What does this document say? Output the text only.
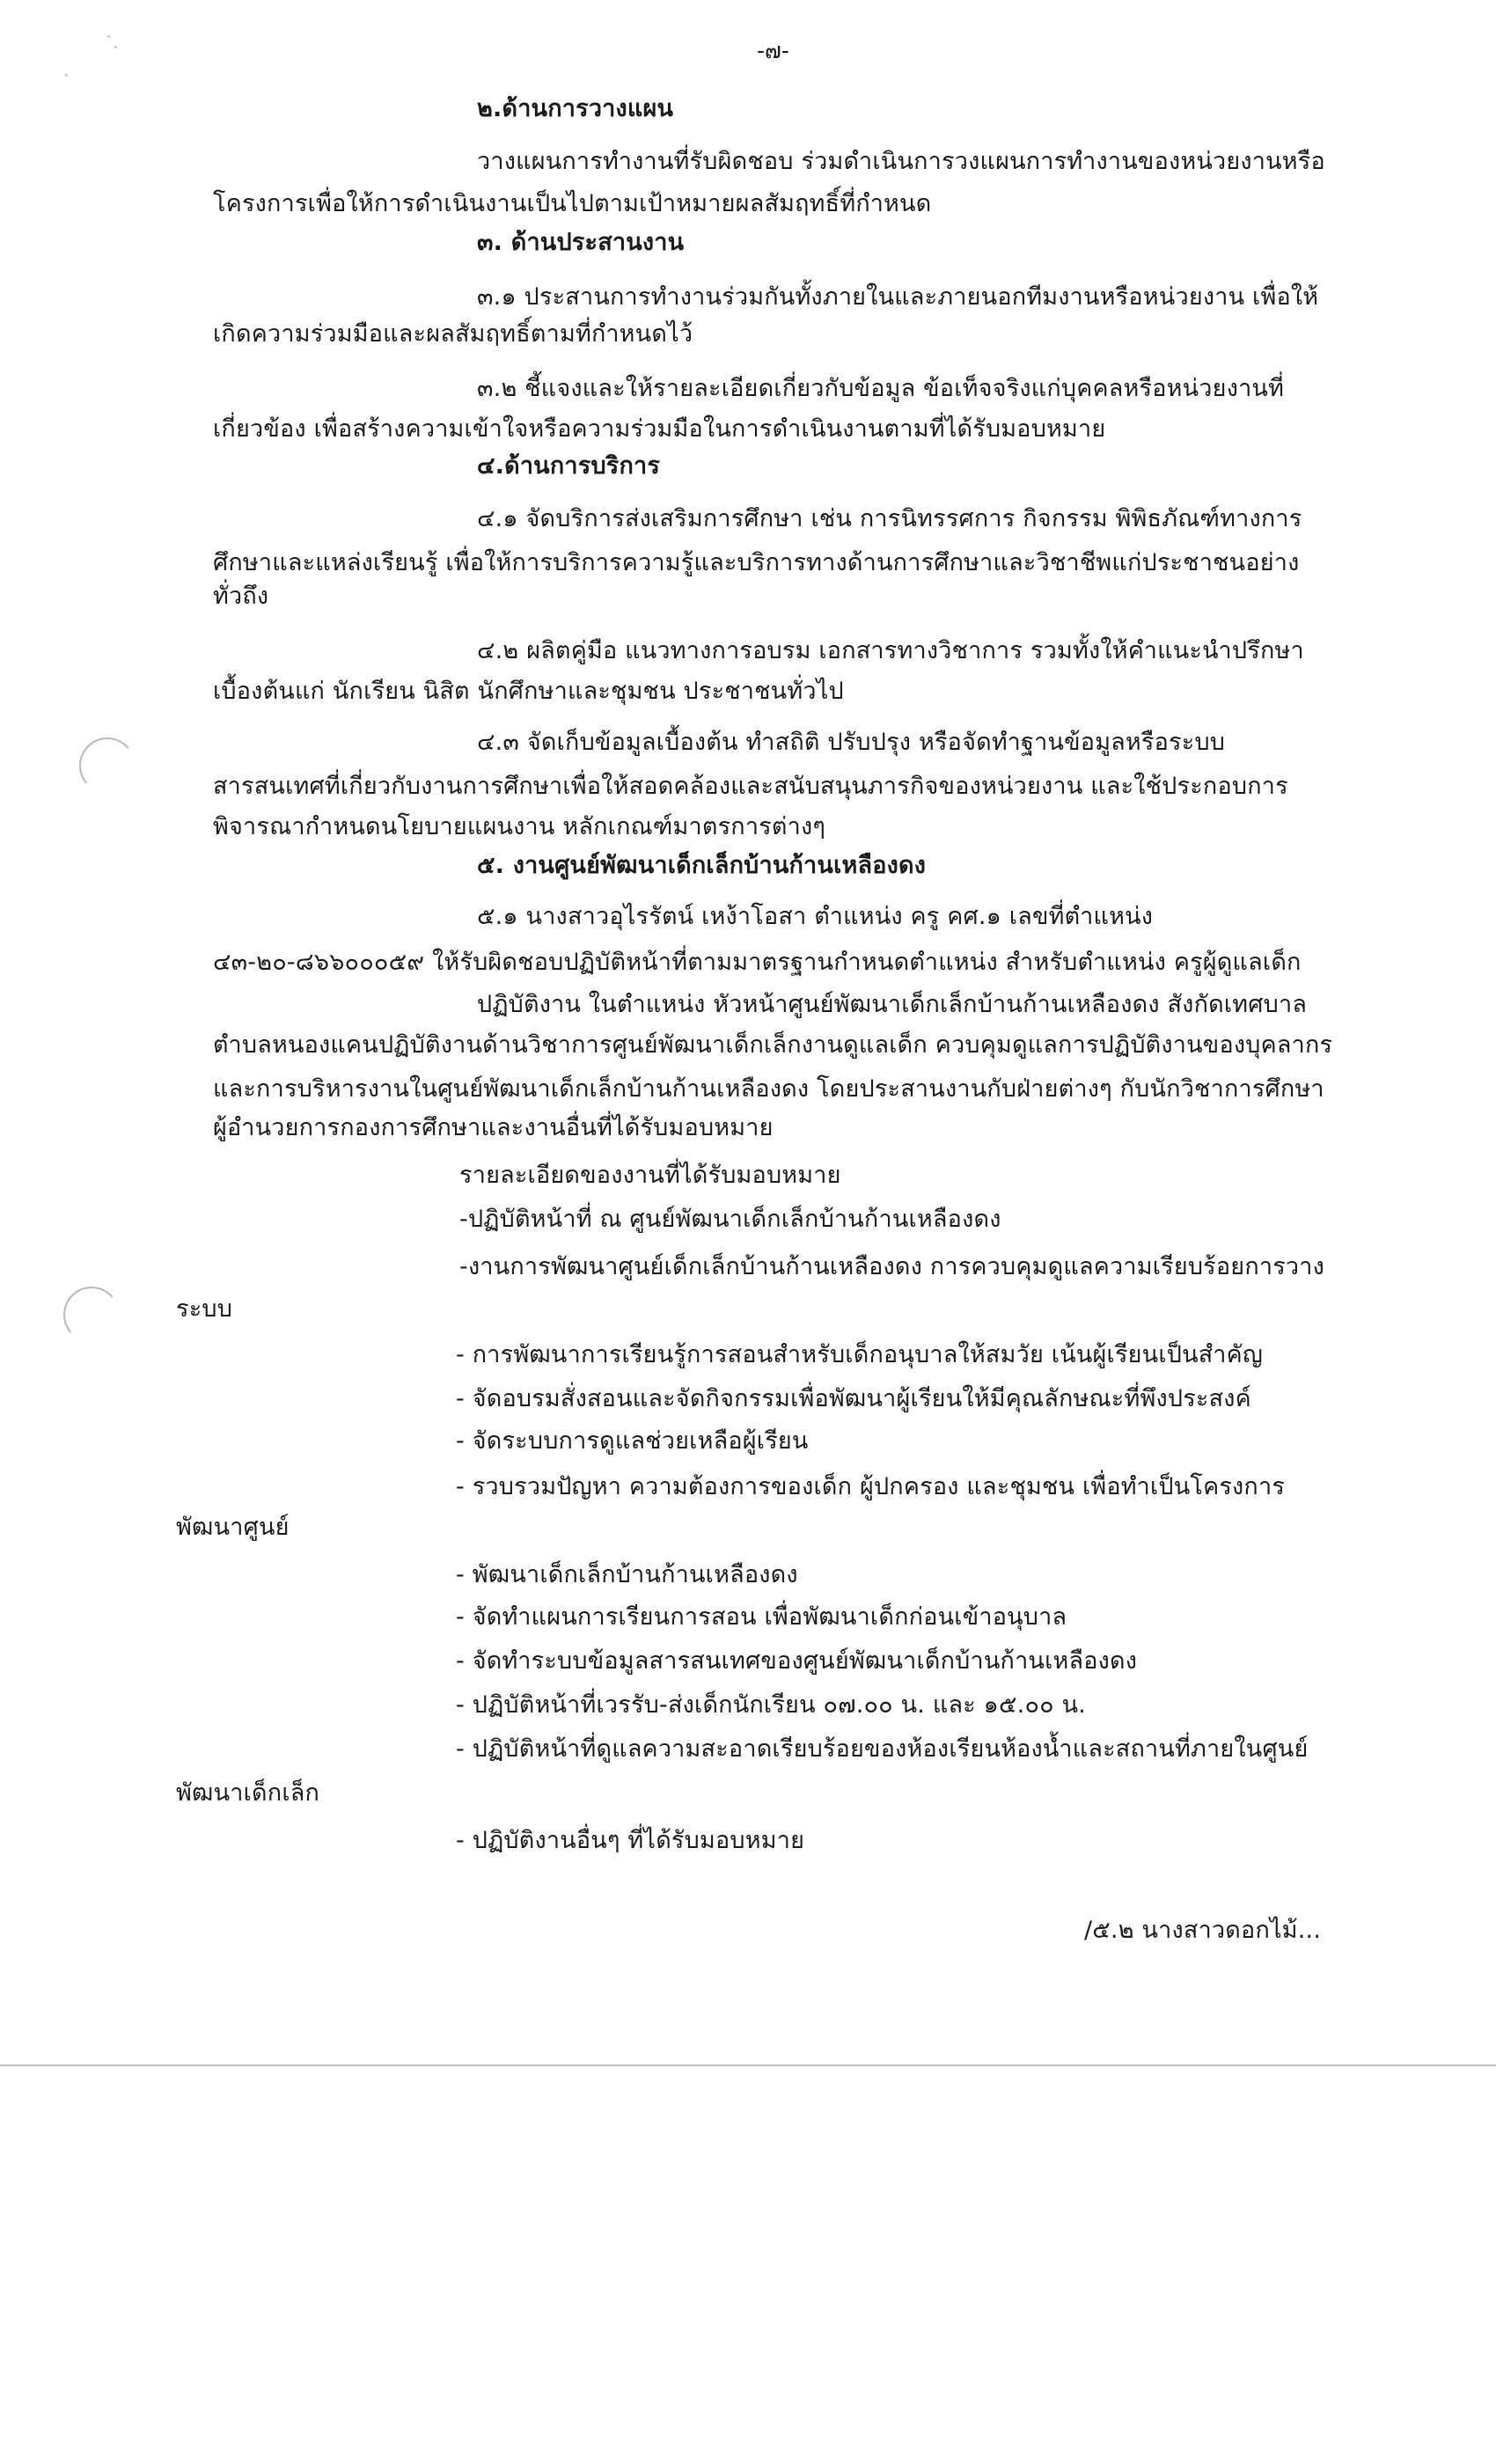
-๗-
๒.ด้านการวางแผน
วางแผนการทำงานที่รับผิดชอบ ร่วมดำเนินการวงแผนการทำงานของหน่วยงานหรือ
โครงการเพื่อให้การดำเนินงานเป็นไปตามเป้าหมายผลสัมฤทธิ์ที่กำหนด
๓. ด้านประสานงาน
๓.๑ ประสานการทำงานร่วมกันทั้งภายในและภายนอกทีมงานหรือหน่วยงาน เพื่อให้
เกิดความร่วมมือและผลสัมฤทธิ์ตามที่กำหนดไว้
๓.๒ ชี้แจงและให้รายละเอียดเกี่ยวกับข้อมูล ข้อเท็จจริงแก่บุคคลหรือหน่วยงานที่
เกี่ยวข้อง เพื่อสร้างความเข้าใจหรือความร่วมมือในการดำเนินงานตามที่ได้รับมอบหมาย
๔.ด้านการบริการ
๔.๑ จัดบริการส่งเสริมการศึกษา เช่น การนิทรรศการ กิจกรรม พิพิธภัณฑ์ทางการ
ศึกษาและแหล่งเรียนรู้ เพื่อให้การบริการความรู้และบริการทางด้านการศึกษาและวิชาชีพแก่ประชาชนอย่าง
ทั่วถึง
๔.๒ ผลิตคู่มือ แนวทางการอบรม เอกสารทางวิชาการ รวมทั้งให้คำแนะนำปรึกษา
เบื้องต้นแก่ นักเรียน นิสิต นักศึกษาและชุมชน ประชาชนทั่วไป
๔.๓ จัดเก็บข้อมูลเบื้องต้น ทำสถิติ ปรับปรุง หรือจัดทำฐานข้อมูลหรือระบบ
สารสนเทศที่เกี่ยวกับงานการศึกษาเพื่อให้สอดคล้องและสนับสนุนภารกิจของหน่วยงาน และใช้ประกอบการ
พิจารณากำหนดนโยบายแผนงาน หลักเกณฑ์มาตรการต่างๆ
๕. งานศูนย์พัฒนาเด็กเล็กบ้านก้านเหลืองดง
๕.๑ นางสาวอุไรรัตน์ เหง้าโอสา ตำแหน่ง ครู คศ.๑ เลขที่ตำแหน่ง
๔๓-๒๐-๘๖๖๐๐๐๕๙ ให้รับผิดชอบปฏิบัติหน้าที่ตามมาตรฐานกำหนดตำแหน่ง สำหรับตำแหน่ง ครูผู้ดูแลเด็ก
ปฏิบัติงาน ในตำแหน่ง หัวหน้าศูนย์พัฒนาเด็กเล็กบ้านก้านเหลืองดง สังกัดเทศบาล
ตำบลหนองแคนปฏิบัติงานด้านวิชาการศูนย์พัฒนาเด็กเล็กงานดูแลเด็ก ควบคุมดูแลการปฏิบัติงานของบุคลากร
และการบริหารงานในศูนย์พัฒนาเด็กเล็กบ้านก้านเหลืองดง โดยประสานงานกับฝ่ายต่างๆ กับนักวิชาการศึกษา
ผู้อำนวยการกองการศึกษาและงานอื่นที่ได้รับมอบหมาย
รายละเอียดของงานที่ได้รับมอบหมาย
-ปฏิบัติหน้าที่ ณ ศูนย์พัฒนาเด็กเล็กบ้านก้านเหลืองดง
-งานการพัฒนาศูนย์เด็กเล็กบ้านก้านเหลืองดง การควบคุมดูแลความเรียบร้อยการวาง
ระบบ
- การพัฒนาการเรียนรู้การสอนสำหรับเด็กอนุบาลให้สมวัย เน้นผู้เรียนเป็นสำคัญ
- จัดอบรมสั่งสอนและจัดกิจกรรมเพื่อพัฒนาผู้เรียนให้มีคุณลักษณะที่พึงประสงค์
- จัดระบบการดูแลช่วยเหลือผู้เรียน
- รวบรวมปัญหา ความต้องการของเด็ก ผู้ปกครอง และชุมชน เพื่อทำเป็นโครงการ
พัฒนาศูนย์
- พัฒนาเด็กเล็กบ้านก้านเหลืองดง
- จัดทำแผนการเรียนการสอน เพื่อพัฒนาเด็กก่อนเข้าอนุบาล
- จัดทำระบบข้อมูลสารสนเทศของศูนย์พัฒนาเด็กบ้านก้านเหลืองดง
- ปฏิบัติหน้าที่เวรรับ-ส่งเด็กนักเรียน ๐๗.๐๐ น. และ ๑๕.๐๐ น.
- ปฏิบัติหน้าที่ดูแลความสะอาดเรียบร้อยของห้องเรียนห้องน้ำและสถานที่ภายในศูนย์
พัฒนาเด็กเล็ก
- ปฏิบัติงานอื่นๆ ที่ได้รับมอบหมาย
/๕.๒ นางสาวดอกไม้...
